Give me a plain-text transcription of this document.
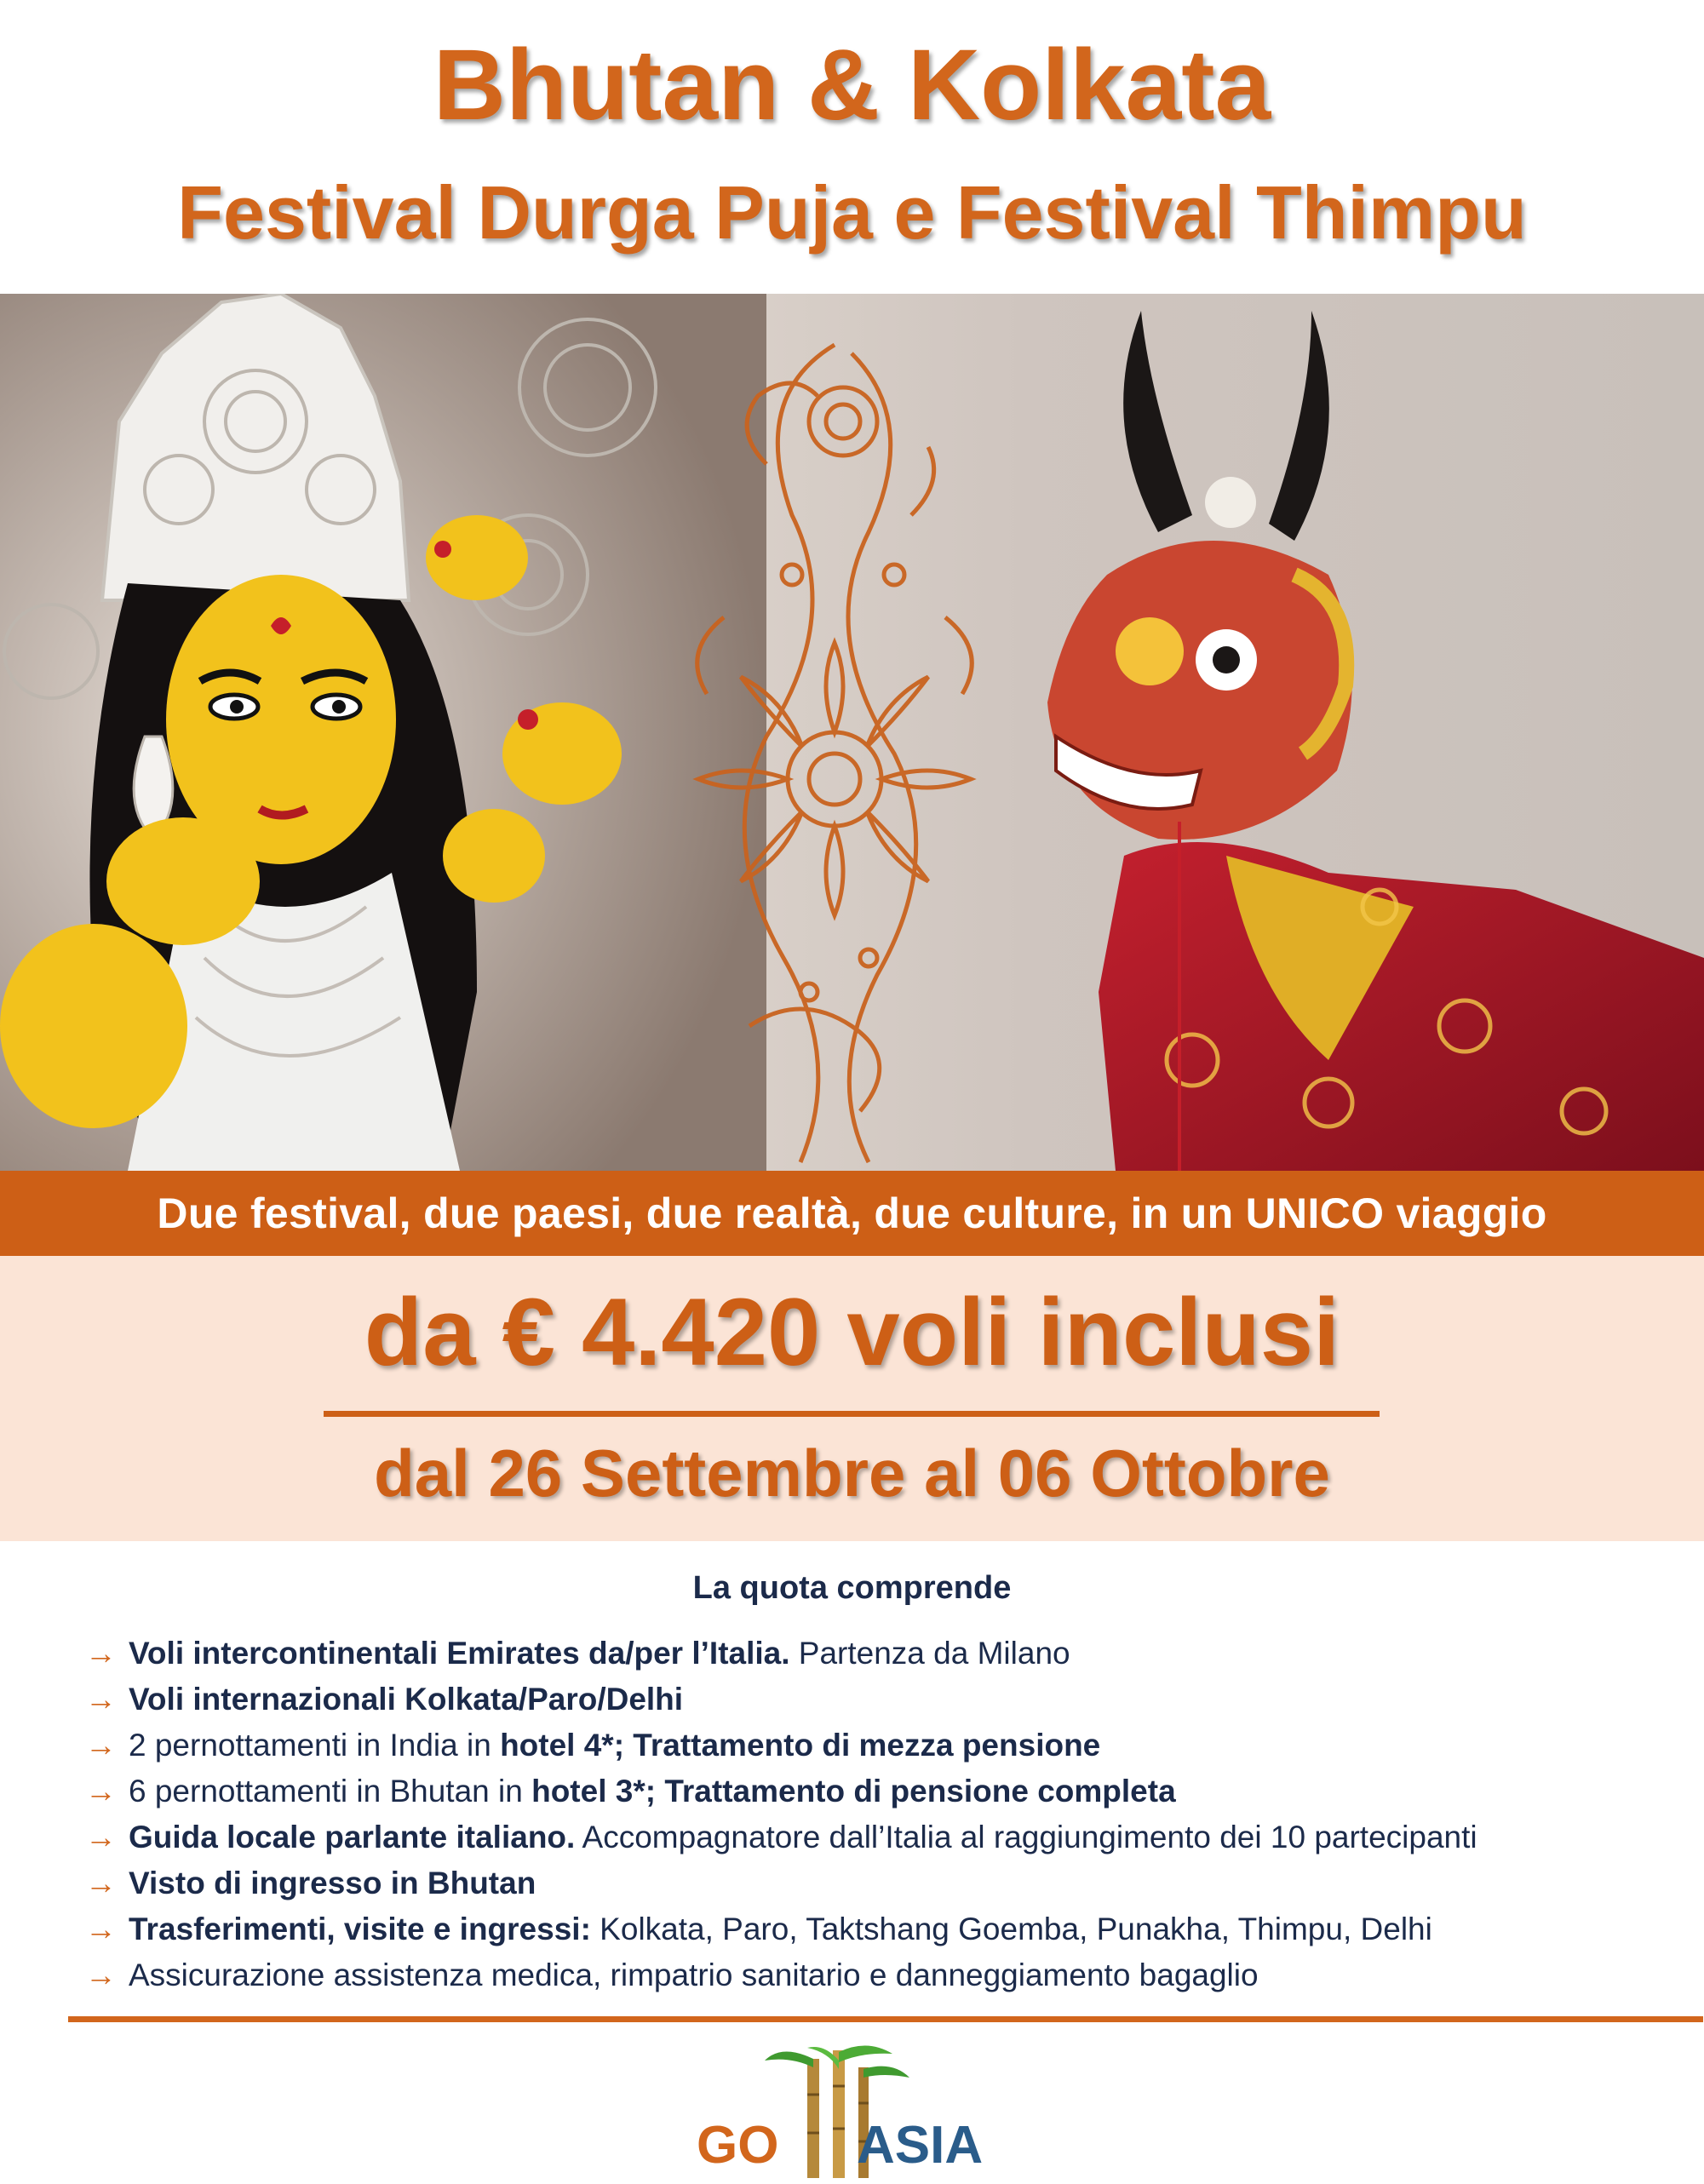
Bhutan & Kolkata
Festival Durga Puja e Festival Thimpu
Due festival, due paesi, due realtà, due culture, in un UNICO viaggio
da € 4.420 voli inclusi
dal 26 Settembre al 06 Ottobre
La quota comprende
→ Voli intercontinentali Emirates da/per l’Italia. Partenza da Milano
→ Voli internazionali Kolkata/Paro/Delhi
→ 2 pernottamenti in India in hotel 4*; Trattamento di mezza pensione
→ 6 pernottamenti in Bhutan in hotel 3*; Trattamento di pensione completa
→ Guida locale parlante italiano. Accompagnatore dall’Italia al raggiungimento dei 10 partecipanti
→ Visto di ingresso in Bhutan
→ Trasferimenti, visite e ingressi: Kolkata, Paro, Taktshang Goemba, Punakha, Thimpu, Delhi
→ Assicurazione assistenza medica, rimpatrio sanitario e danneggiamento bagaglio
GO ASIA
